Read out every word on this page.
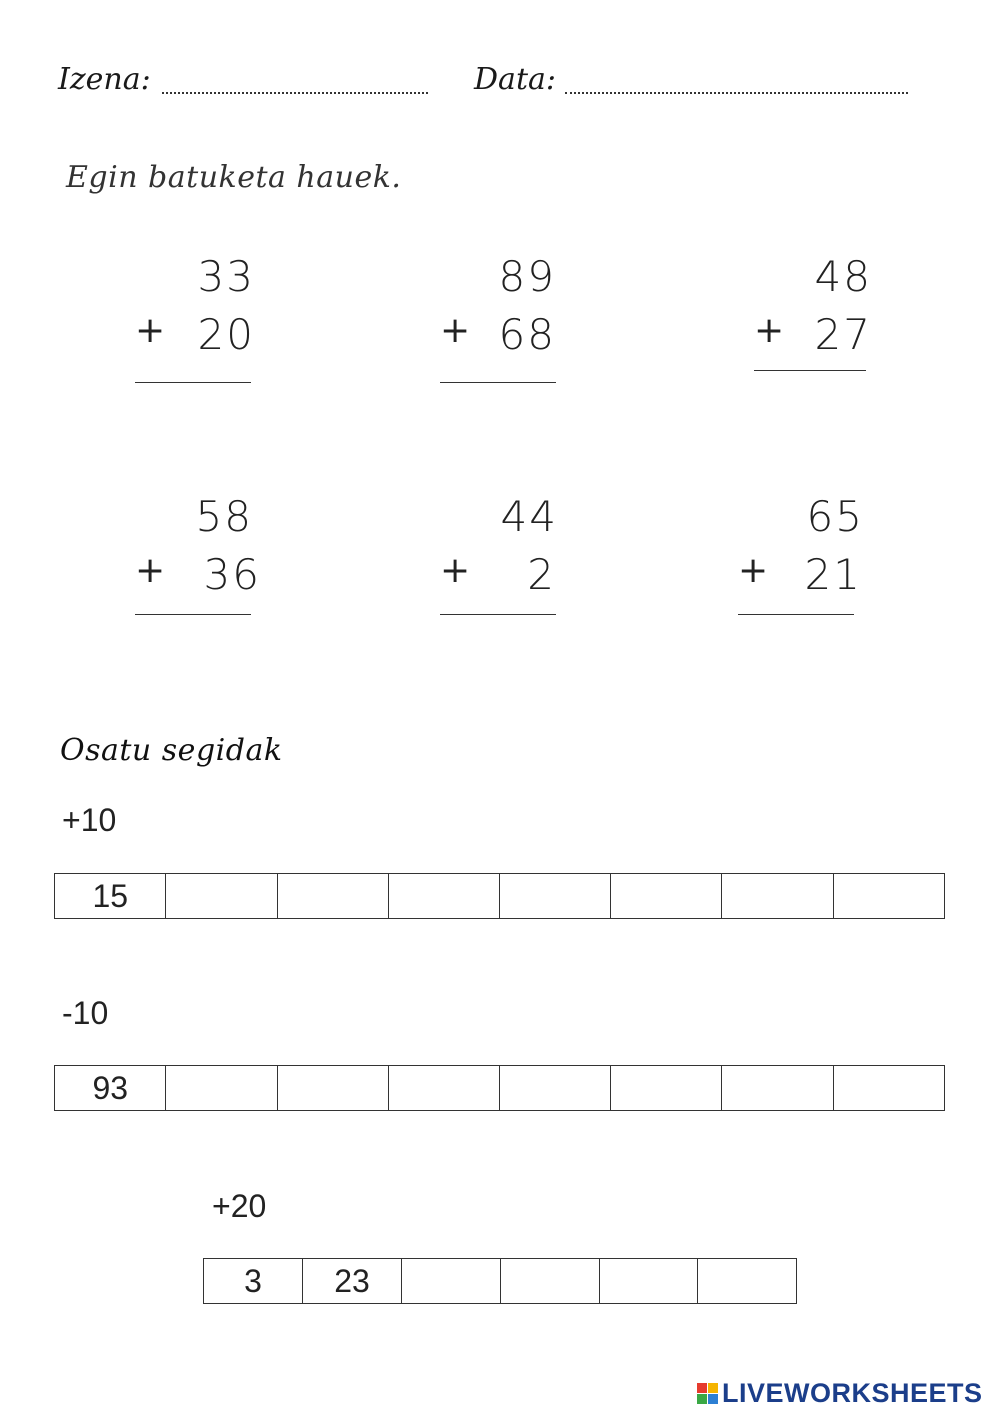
Izena:	Data:
Egin batuketa hauek.
33
+ 20
89
+ 68
48
+ 27
58
+ 36
44
+ 2
65
+ 21
Osatu segidak
+10
15							
-10
93							
+20
3	23				
LIVEWORKSHEETS
